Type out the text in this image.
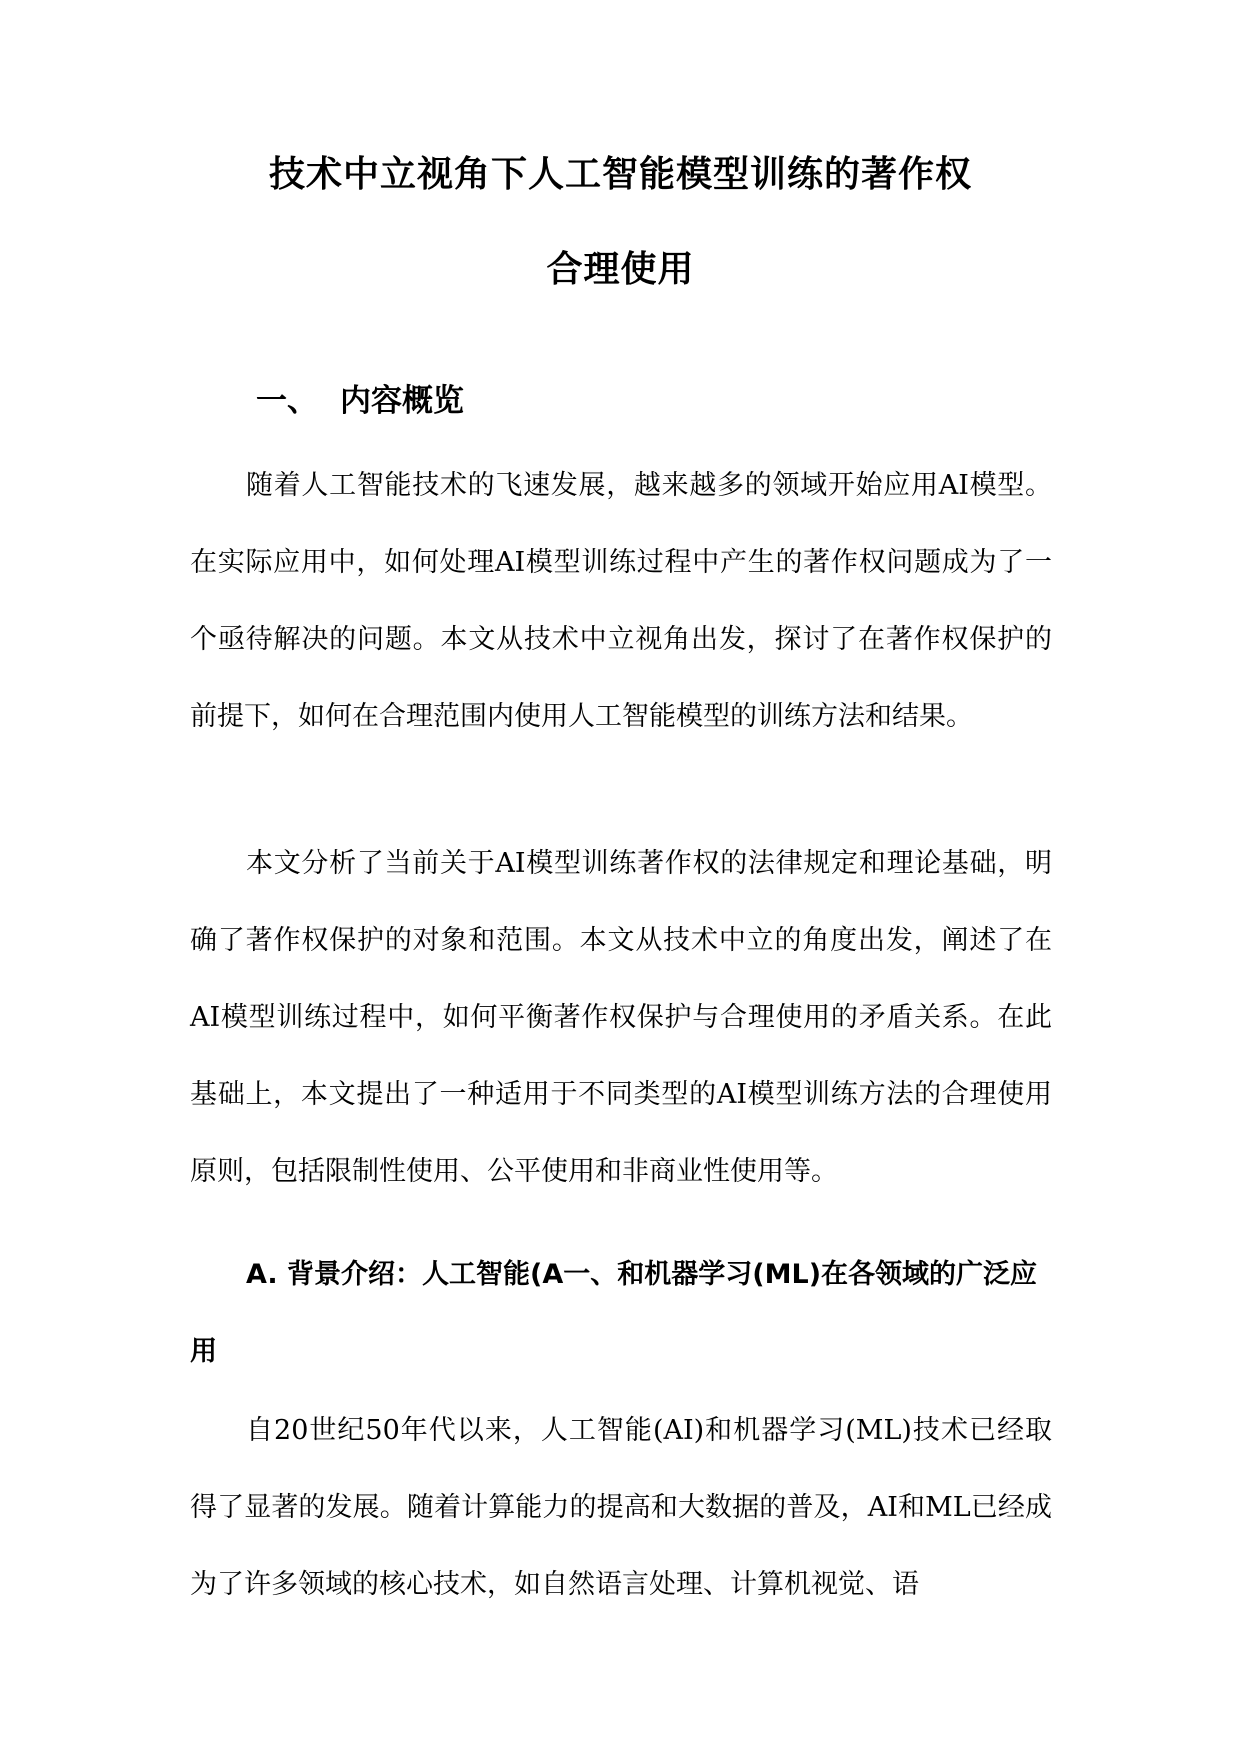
技术中立视角下人工智能模型训练的著作权
合理使用
一、 内容概览

随着人工智能技术的飞速发展，越来越多的领域开始应用AI模型。在实际应用中，如何处理AI模型训练过程中产生的著作权问题成为了一个亟待解决的问题。本文从技术中立视角出发，探讨了在著作权保护的前提下，如何在合理范围内使用人工智能模型的训练方法和结果。

本文分析了当前关于AI模型训练著作权的法律规定和理论基础，明确了著作权保护的对象和范围。本文从技术中立的角度出发，阐述了在AI模型训练过程中，如何平衡著作权保护与合理使用的矛盾关系。在此基础上，本文提出了一种适用于不同类型的AI模型训练方法的合理使用原则，包括限制性使用、公平使用和非商业性使用等。

A. 背景介绍：人工智能(A一、和机器学习(ML)在各领域的广泛应用

自20世纪50年代以来，人工智能(AI)和机器学习(ML)技术已经取得了显著的发展。随着计算能力的提高和大数据的普及，AI和ML已经成为了许多领域的核心技术，如自然语言处理、计算机视觉、语
